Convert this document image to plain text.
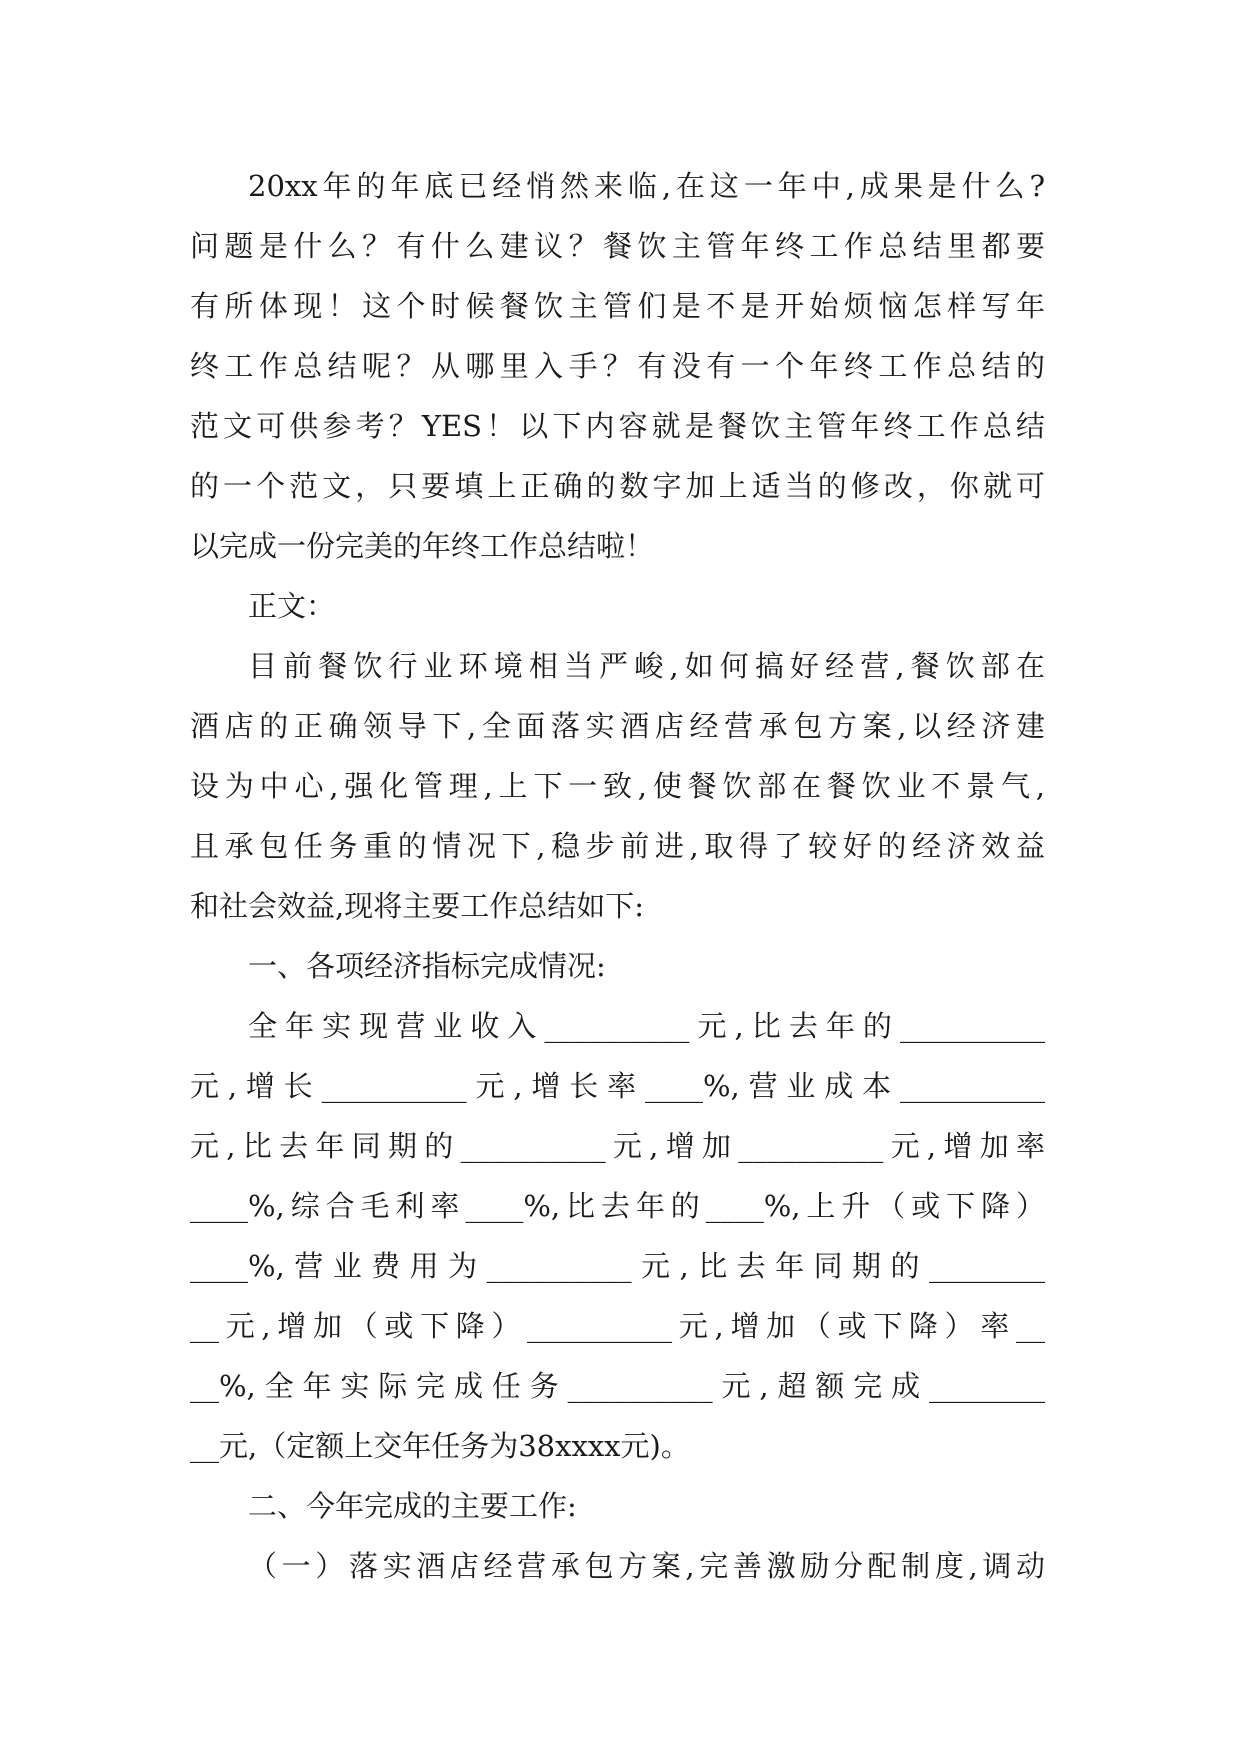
20xx年的年底已经悄然来临,在这一年中,成果是什么?
问题是什么？有什么建议？餐饮主管年终工作总结里都要
有所体现！这个时候餐饮主管们是不是开始烦恼怎样写年
终工作总结呢？从哪里入手？有没有一个年终工作总结的
范文可供参考？YES！以下内容就是餐饮主管年终工作总结
的一个范文，只要填上正确的数字加上适当的修改，你就可
以完成一份完美的年终工作总结啦！
正文：
目前餐饮行业环境相当严峻,如何搞好经营,餐饮部在
酒店的正确领导下,全面落实酒店经营承包方案,以经济建
设为中心,强化管理,上下一致,使餐饮部在餐饮业不景气,
且承包任务重的情况下,稳步前进,取得了较好的经济效益
和社会效益,现将主要工作总结如下:
一、各项经济指标完成情况:
全年实现营业收入__________元,比去年的__________
元,增长__________元,增长率____%,营业成本__________
元,比去年同期的__________元,增加__________元,增加率
____%,综合毛利率____%,比去年的____%,上升（或下降）
____%,营业费用为__________元,比去年同期的________
__元,增加（或下降）__________元,增加（或下降）率__
__%,全年实际完成任务__________元,超额完成________
__元,（定额上交年任务为38xxxx元)。
二、今年完成的主要工作:
（一）落实酒店经营承包方案,完善激励分配制度,调动
